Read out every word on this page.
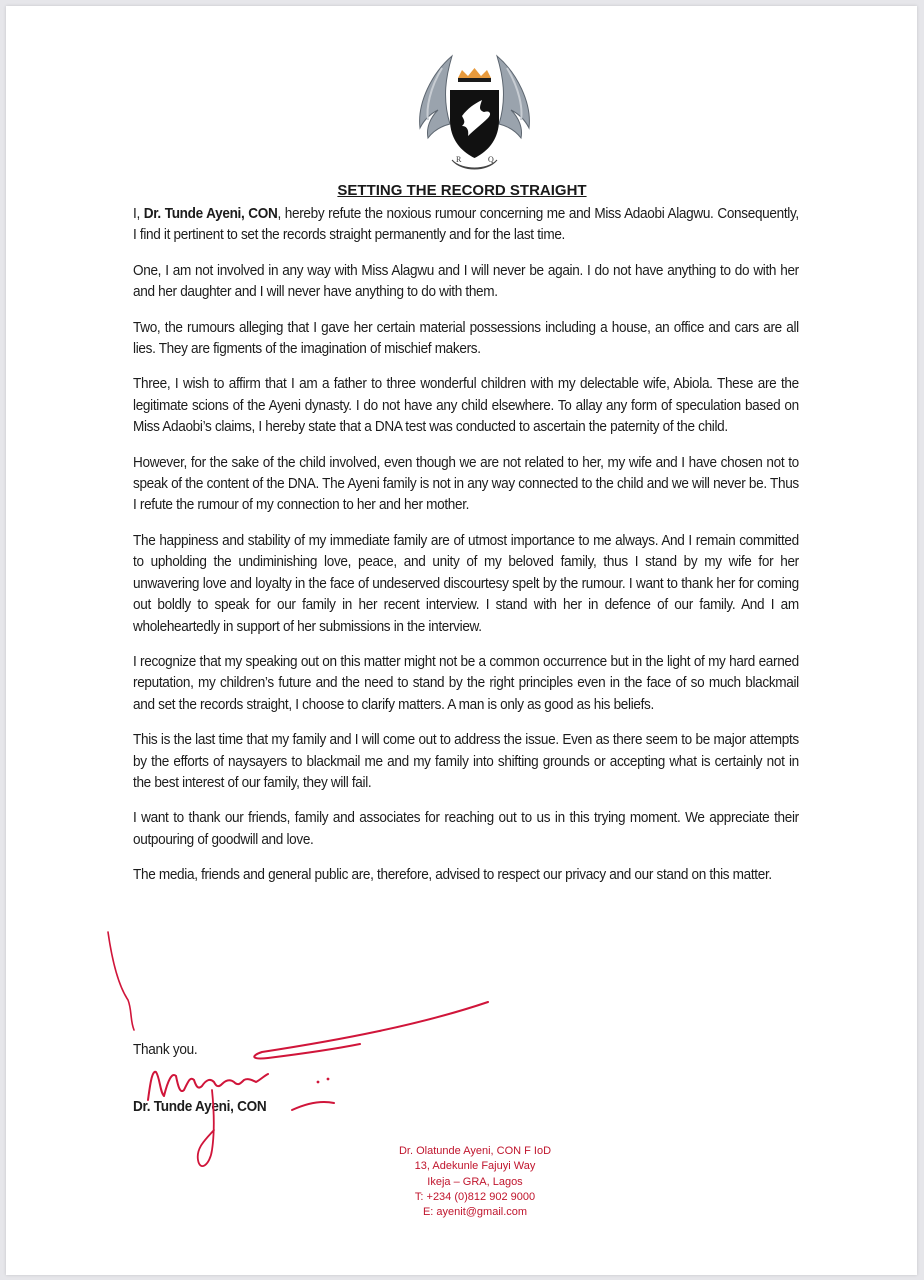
R	Q
SETTING THE RECORD STRAIGHT

I, Dr. Tunde Ayeni, CON, hereby refute the noxious rumour concerning me and Miss Adaobi Alagwu. Consequently, I find it pertinent to set the records straight permanently and for the last time.

One, I am not involved in any way with Miss Alagwu and I will never be again. I do not have anything to do with her and her daughter and I will never have anything to do with them.

Two, the rumours alleging that I gave her certain material possessions including a house, an office and cars are all lies. They are figments of the imagination of mischief makers.

Three, I wish to affirm that I am a father to three wonderful children with my delectable wife, Abiola. These are the legitimate scions of the Ayeni dynasty. I do not have any child elsewhere. To allay any form of speculation based on Miss Adaobi’s claims, I hereby state that a DNA test was conducted to ascertain the paternity of the child.

However, for the sake of the child involved, even though we are not related to her, my wife and I have chosen not to speak of the content of the DNA. The Ayeni family is not in any way connected to the child and we will never be. Thus I refute the rumour of my connection to her and her mother.

The happiness and stability of my immediate family are of utmost importance to me always. And I remain committed to upholding the undiminishing love, peace, and unity of my beloved family, thus I stand by my wife for her unwavering love and loyalty in the face of undeserved discourtesy spelt by the rumour. I want to thank her for coming out boldly to speak for our family in her recent interview. I stand with her in defence of our family. And I am wholeheartedly in support of her submissions in the interview.

I recognize that my speaking out on this matter might not be a common occurrence but in the light of my hard earned reputation, my children’s future and the need to stand by the right principles even in the face of so much blackmail and set the records straight, I choose to clarify matters. A man is only as good as his beliefs.

This is the last time that my family and I will come out to address the issue. Even as there seem to be major attempts by the efforts of naysayers to blackmail me and my family into shifting grounds or accepting what is certainly not in the best interest of our family, they will fail.

I want to thank our friends, family and associates for reaching out to us in this trying moment. We appreciate their outpouring of goodwill and love.

The media, friends and general public are, therefore, advised to respect our privacy and our stand on this matter.

Thank you.
Dr. Tunde Ayeni, CON
Dr. Olatunde Ayeni, CON F IoD
13, Adekunle Fajuyi Way
Ikeja – GRA, Lagos
T: +234 (0)812 902 9000
E: ayenit@gmail.com
